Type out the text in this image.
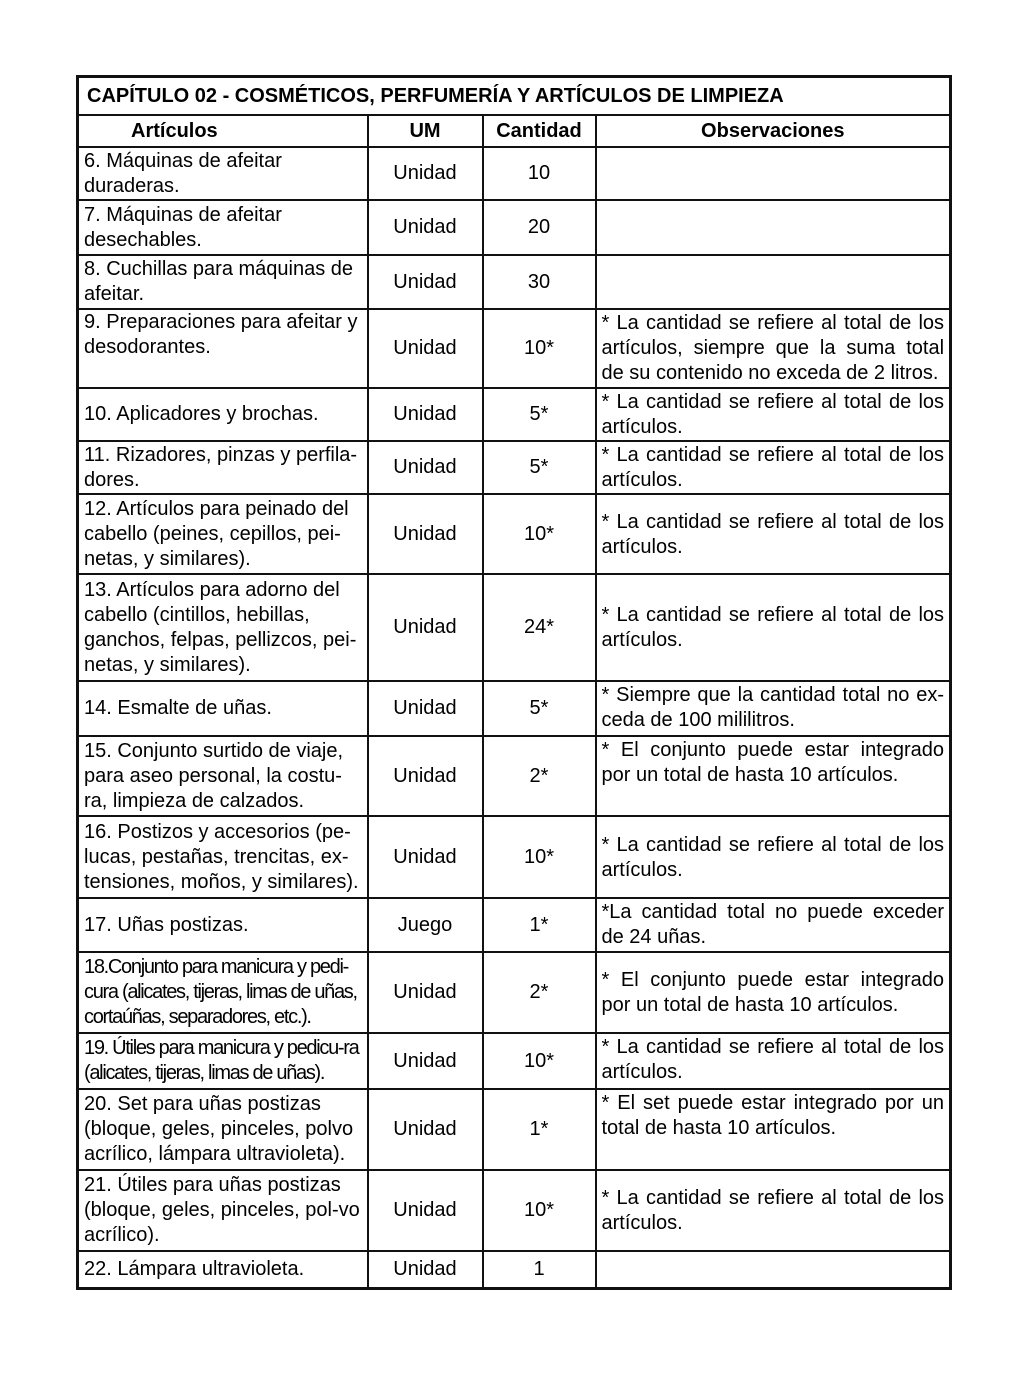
CAPÍTULO 02 - COSMÉTICOS, PERFUMERÍA Y ARTÍCULOS DE LIMPIEZA			
Artículos	UM	Cantidad	Observaciones
6. Máquinas de afeitar duraderas.	Unidad	10	
7. Máquinas de afeitar desechables.	Unidad	20	
8. Cuchillas para máquinas de afeitar.	Unidad	30	
9. Preparaciones para afeitar y desodorantes.	Unidad	10*	* La cantidad se refiere al total de los artículos, siempre que la suma total de su contenido no exceda de 2 litros.
10. Aplicadores y brochas.	Unidad	5*	* La cantidad se refiere al total de los artículos.
11. Rizadores, pinzas y perfila-dores.	Unidad	5*	* La cantidad se refiere al total de los artículos.
12. Artículos para peinado del cabello (peines, cepillos, pei-netas, y similares).	Unidad	10*	* La cantidad se refiere al total de los artículos.
13. Artículos para adorno del cabello (cintillos, hebillas, ganchos, felpas, pellizcos, pei-netas, y similares).	Unidad	24*	* La cantidad se refiere al total de los artículos.
14. Esmalte de uñas.	Unidad	5*	* Siempre que la cantidad total no ex-ceda de 100 mililitros.
15. Conjunto surtido de viaje, para aseo personal, la costu-ra, limpieza de calzados.	Unidad	2*	* El conjunto puede estar integrado por un total de hasta 10 artículos.
16. Postizos y accesorios (pe-lucas, pestañas, trencitas, ex-tensiones, moños, y similares).	Unidad	10*	* La cantidad se refiere al total de los artículos.
17. Uñas postizas.	Juego	1*	*La cantidad total no puede exceder de 24 uñas.
18.Conjunto para manicura y pedi-cura (alicates, tijeras, limas de uñas, cortaúñas, separadores, etc.).	Unidad	2*	* El conjunto puede estar integrado por un total de hasta 10 artículos.
19. Útiles para manicura y pedicu-ra (alicates, tijeras, limas de uñas).	Unidad	10*	* La cantidad se refiere al total de los artículos.
20. Set para uñas postizas (bloque, geles, pinceles, polvo acrílico, lámpara ultravioleta).	Unidad	1*	* El set puede estar integrado por un total de hasta 10 artículos.
21. Útiles para uñas postizas (bloque, geles, pinceles, pol-vo acrílico).	Unidad	10*	* La cantidad se refiere al total de los artículos.
22. Lámpara ultravioleta.	Unidad	1	
